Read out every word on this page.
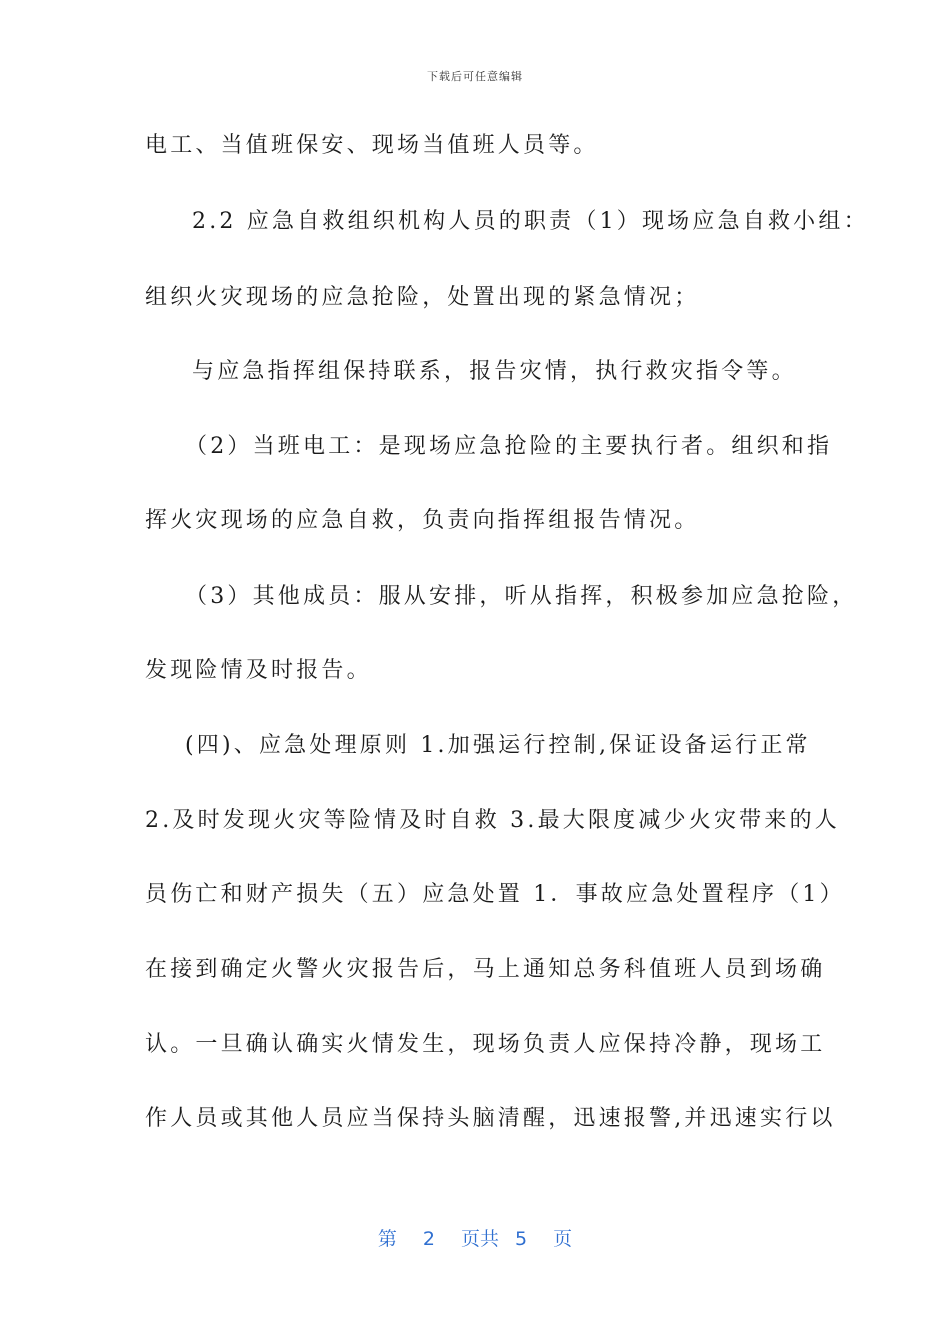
下载后可任意编辑
电工、当值班保安、现场当值班人员等。
2.2 应急自救组织机构人员的职责（1）现场应急自救小组：
组织火灾现场的应急抢险，处置出现的紧急情况；
与应急指挥组保持联系，报告灾情，执行救灾指令等。
（2）当班电工：是现场应急抢险的主要执行者。组织和指
挥火灾现场的应急自救，负责向指挥组报告情况。
（3）其他成员：服从安排，听从指挥，积极参加应急抢险，
发现险情及时报告。
(四)、应急处理原则 1.加强运行控制,保证设备运行正常
2.及时发现火灾等险情及时自救 3.最大限度减少火灾带来的人
员伤亡和财产损失（五）应急处置 1．事故应急处置程序（1）
在接到确定火警火灾报告后，马上通知总务科值班人员到场确
认。一旦确认确实火情发生，现场负责人应保持冷静，现场工
作人员或其他人员应当保持头脑清醒，迅速报警,并迅速实行以
第 2 页共 5 页
